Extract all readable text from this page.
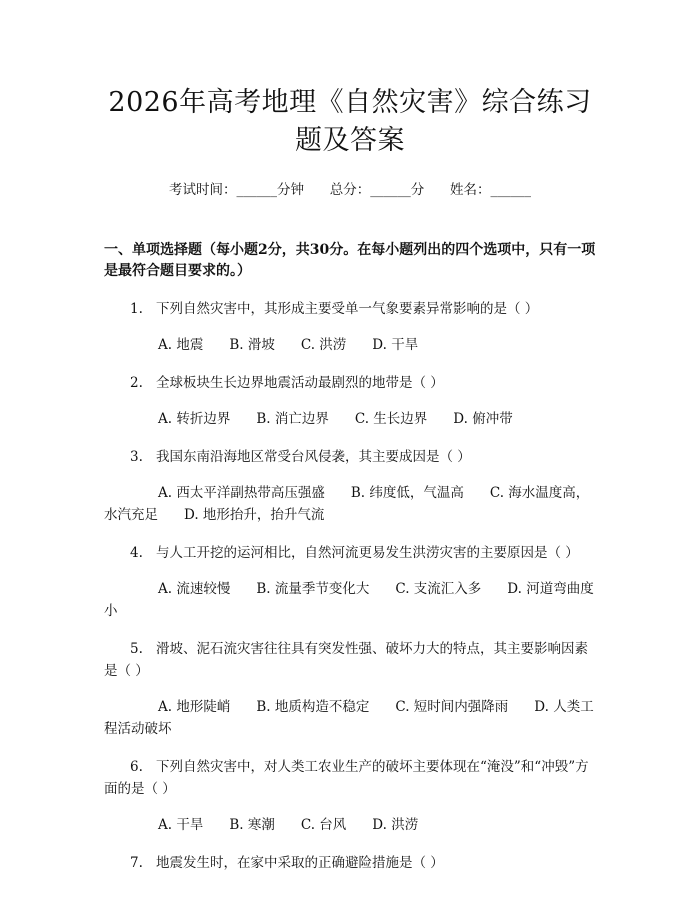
2026年高考地理《自然灾害》综合练习题及答案
考试时间：______分钟 总分：______分 姓名：______
一、单项选择题（每小题2分，共30分。在每小题列出的四个选项中，只有一项是最符合题目要求的。）
1. 下列自然灾害中，其形成主要受单一气象要素异常影响的是（ ）
A. 地震 B. 滑坡 C. 洪涝 D. 干旱
2. 全球板块生长边界地震活动最剧烈的地带是（ ）
A. 转折边界 B. 消亡边界 C. 生长边界 D. 俯冲带
3. 我国东南沿海地区常受台风侵袭，其主要成因是（ ）
A. 西太平洋副热带高压强盛 B. 纬度低，气温高 C. 海水温度高，水汽充足 D. 地形抬升，抬升气流
4. 与人工开挖的运河相比，自然河流更易发生洪涝灾害的主要原因是（ ）
A. 流速较慢 B. 流量季节变化大 C. 支流汇入多 D. 河道弯曲度小
5. 滑坡、泥石流灾害往往具有突发性强、破坏力大的特点，其主要影响因素是（ ）
A. 地形陡峭 B. 地质构造不稳定 C. 短时间内强降雨 D. 人类工程活动破坏
6. 下列自然灾害中，对人类工农业生产的破坏主要体现在“淹没”和“冲毁”方面的是（ ）
A. 干旱 B. 寒潮 C. 台风 D. 洪涝
7. 地震发生时，在家中采取的正确避险措施是（ ）
